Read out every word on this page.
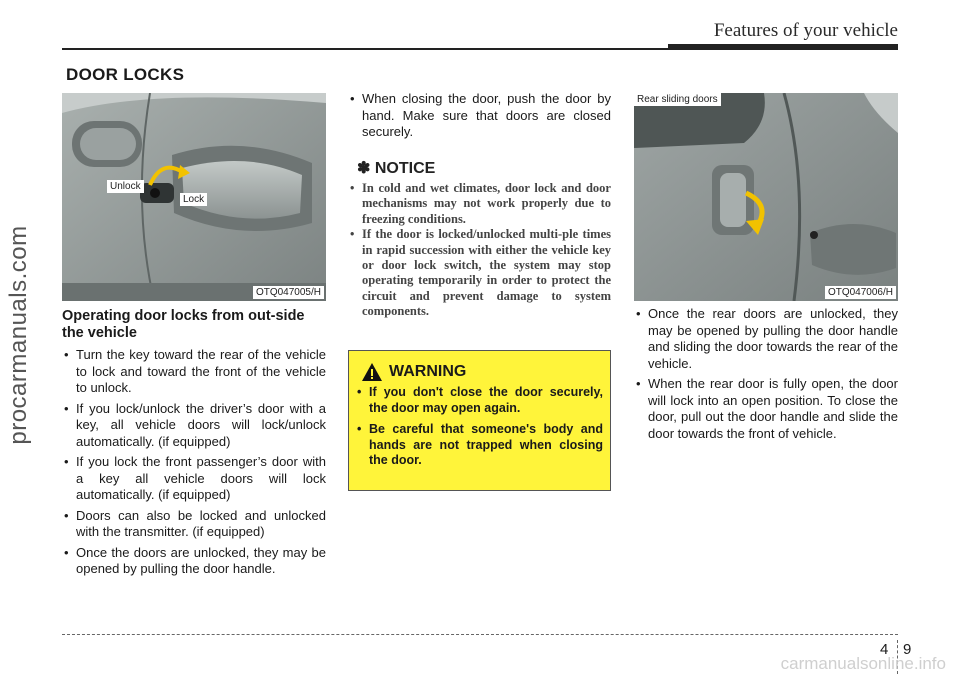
Features of your vehicle
procarmanuals.com
DOOR LOCKS
Unlock
Lock
OTQ047005/H
Rear sliding doors
OTQ047006/H
Operating door locks from out-side the vehicle
• Turn the key toward the rear of the vehicle to lock and toward the front of the vehicle to unlock.
• If you lock/unlock the driver’s door with a key, all vehicle doors will lock/unlock automatically. (if equipped)
• If you lock the front passenger’s door with a key all vehicle doors will lock automatically. (if equipped)
• Doors can also be locked and unlocked with the transmitter. (if equipped)
• Once the doors are unlocked, they may be opened by pulling the door handle.
• When closing the door, push the door by hand. Make sure that doors are closed securely.
✽ NOTICE
• In cold and wet climates, door lock and door mechanisms may not work properly due to freezing conditions.
• If the door is locked/unlocked multi-ple times in rapid succession with either the vehicle key or door lock switch, the system may stop operating temporarily in order to protect the circuit and prevent damage to system components.
WARNING
• If you don't close the door securely, the door may open again.
• Be careful that someone's body and hands are not trapped when closing the door.
• Once the rear doors are unlocked, they may be opened by pulling the door handle and sliding the door towards the rear of the vehicle.
• When the rear door is fully open, the door will lock into an open position. To close the door, pull out the door handle and slide the door towards the front of vehicle.
4 9
carmanualsonline.info
